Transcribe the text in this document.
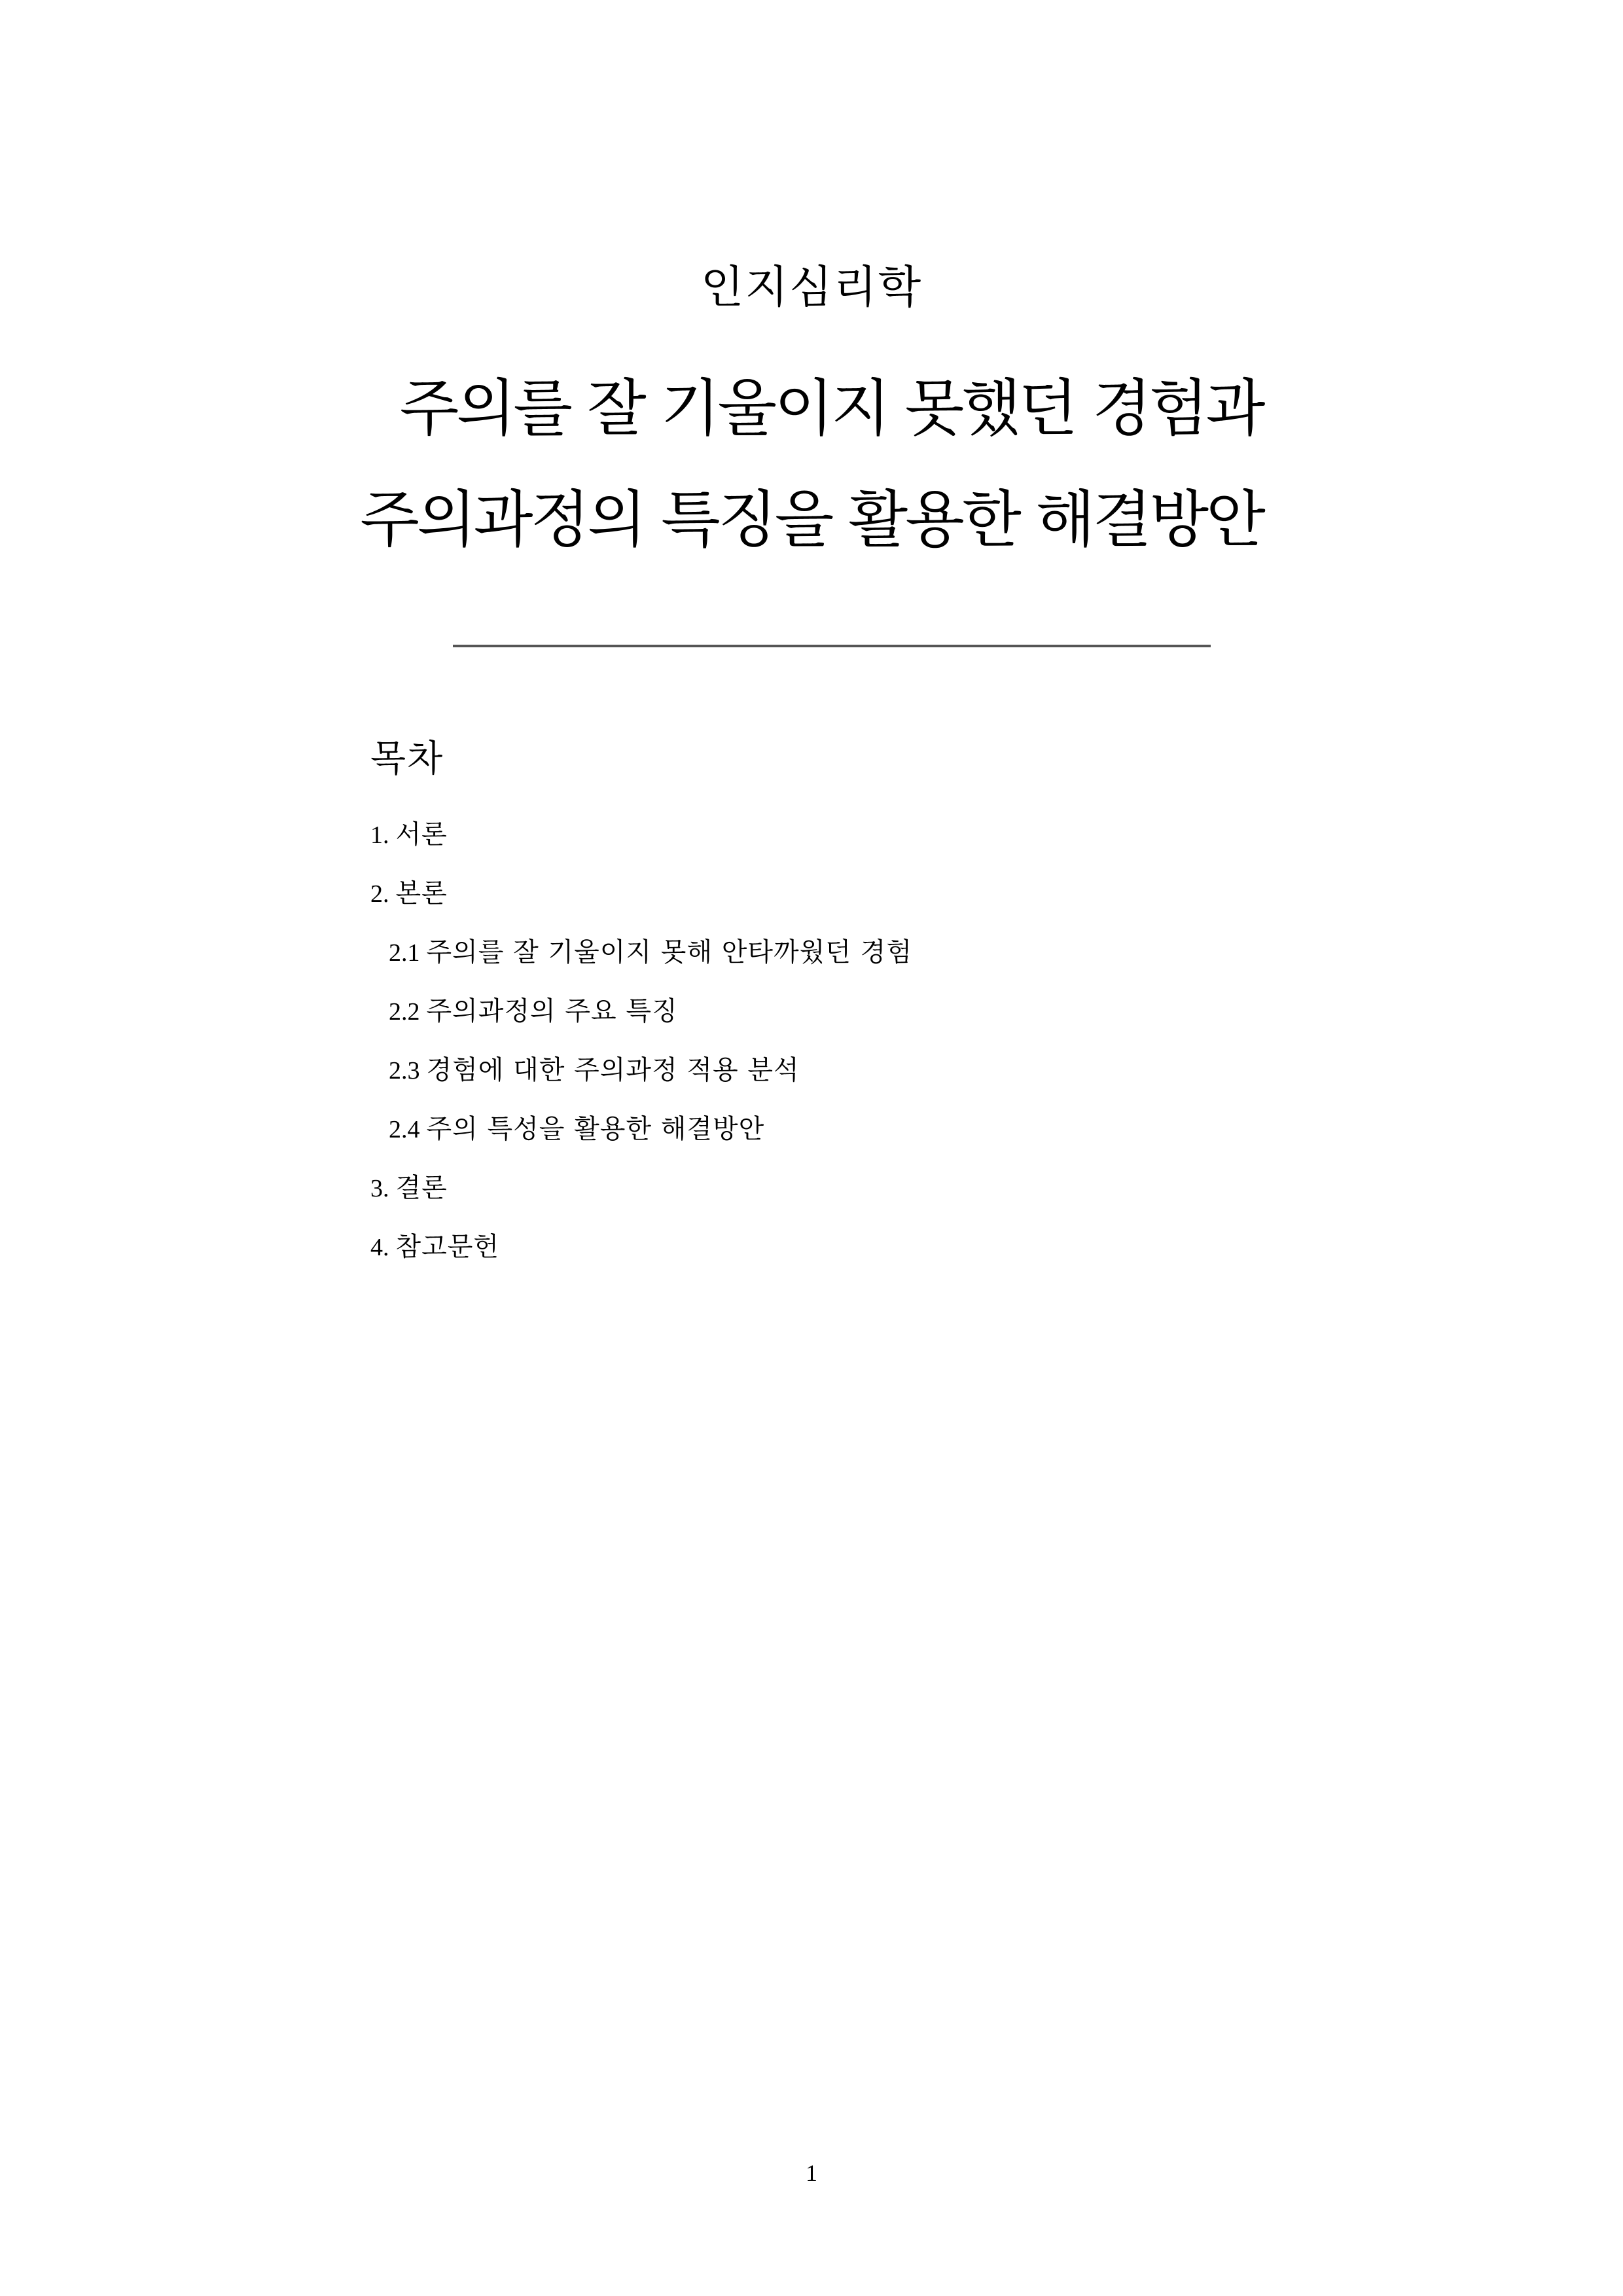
인지심리학
주의를 잘 기울이지 못했던 경험과
주의과정의 특징을 활용한 해결방안
목차
1. 서론
2. 본론
2.1 주의를 잘 기울이지 못해 안타까웠던 경험
2.2 주의과정의 주요 특징
2.3 경험에 대한 주의과정 적용 분석
2.4 주의 특성을 활용한 해결방안
3. 결론
4. 참고문헌
1
